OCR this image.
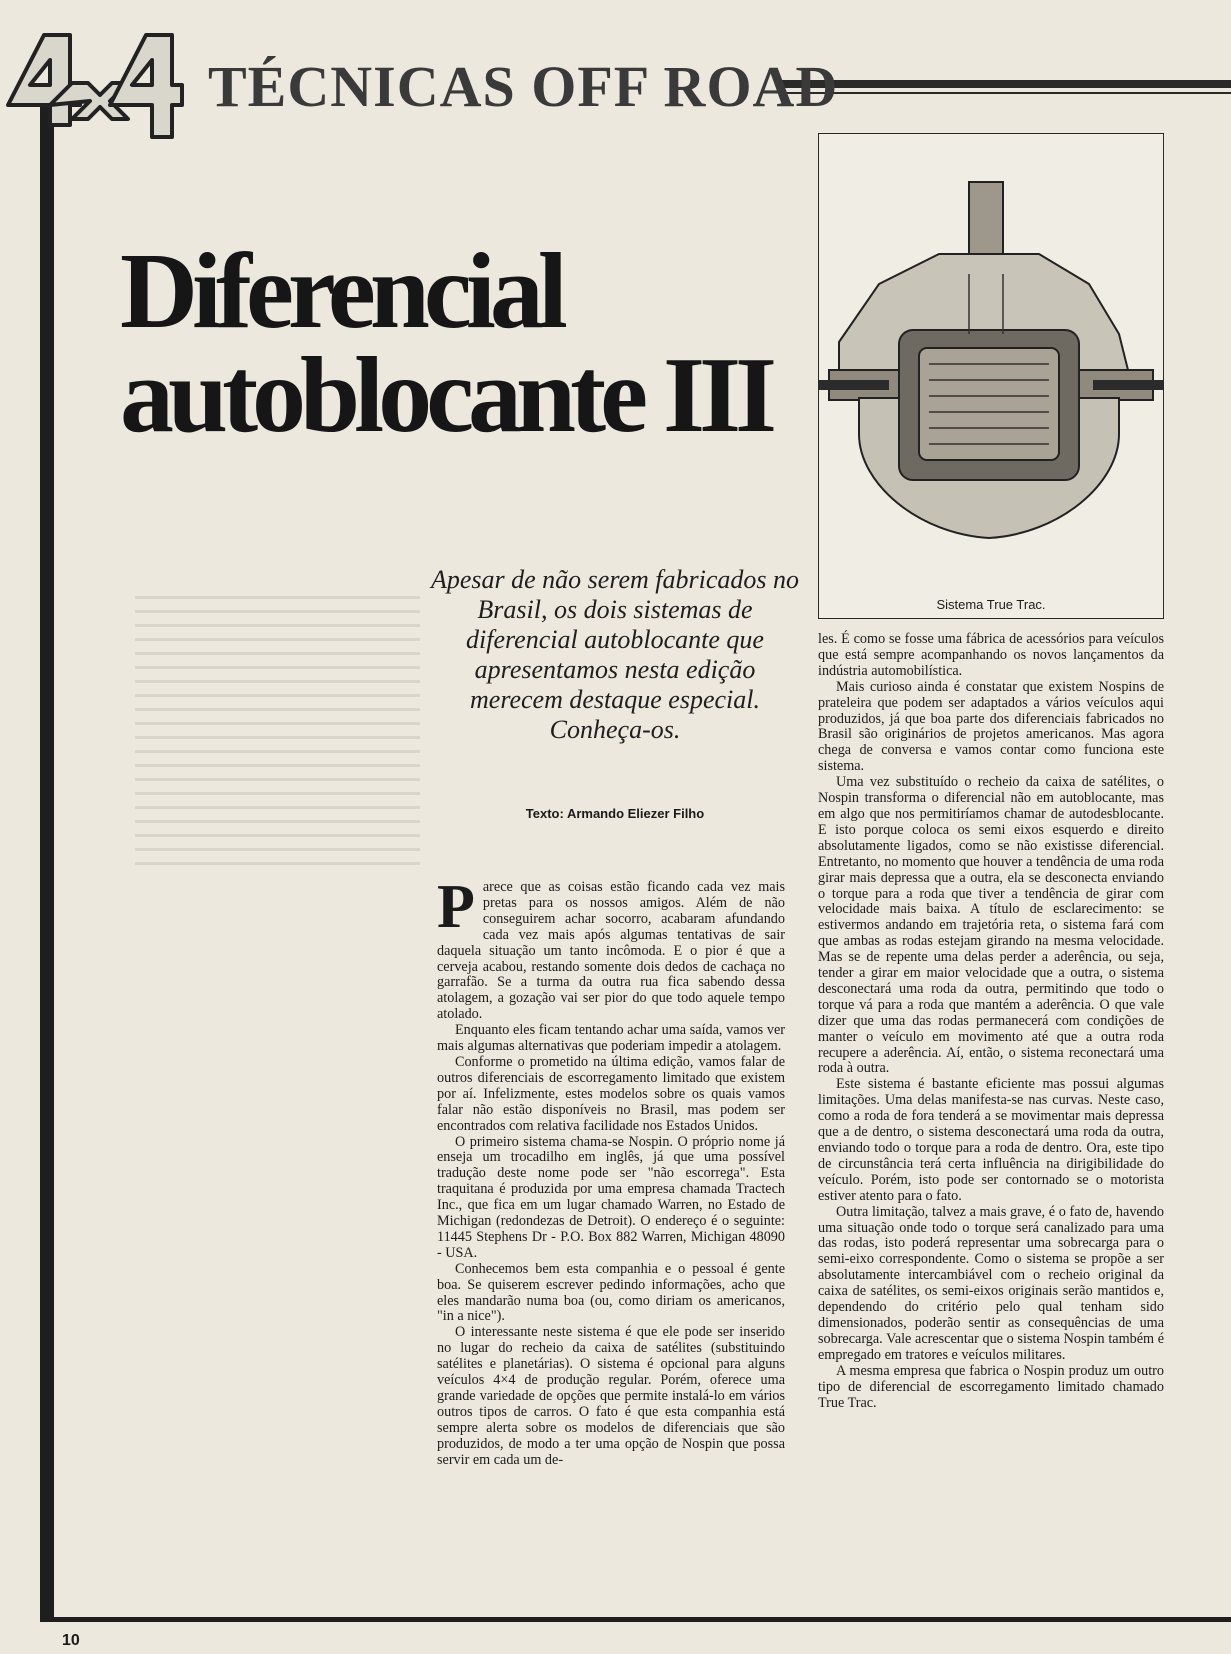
TÉCNICAS OFF ROAD
Diferencial
autoblocante III

Apesar de não serem fabricados no Brasil, os dois sistemas de diferencial autoblocante que apresentamos nesta edição merecem destaque especial. Conheça-os.

Texto: Armando Eliezer Filho
Sistema True Trac.

Parece que as coisas estão ficando cada vez mais pretas para os nossos amigos. Além de não conseguirem achar socorro, acabaram afundando cada vez mais após algumas tentativas de sair daquela situação um tanto incômoda. E o pior é que a cerveja acabou, restando somente dois dedos de cachaça no garrafão. Se a turma da outra rua fica sabendo dessa atolagem, a gozação vai ser pior do que todo aquele tempo atolado.

Enquanto eles ficam tentando achar uma saída, vamos ver mais algumas alternativas que poderiam impedir a atolagem.

Conforme o prometido na última edição, vamos falar de outros diferenciais de escorregamento limitado que existem por aí. Infelizmente, estes modelos sobre os quais vamos falar não estão disponíveis no Brasil, mas podem ser encontrados com relativa facilidade nos Estados Unidos.

O primeiro sistema chama-se Nospin. O próprio nome já enseja um trocadilho em inglês, já que uma possível tradução deste nome pode ser "não escorrega". Esta traquitana é produzida por uma empresa chamada Tractech Inc., que fica em um lugar chamado Warren, no Estado de Michigan (redondezas de Detroit). O endereço é o seguinte: 11445 Stephens Dr - P.O. Box 882 Warren, Michigan 48090 - USA.

Conhecemos bem esta companhia e o pessoal é gente boa. Se quiserem escrever pedindo informações, acho que eles mandarão numa boa (ou, como diriam os americanos, "in a nice").

O interessante neste sistema é que ele pode ser inserido no lugar do recheio da caixa de satélites (substituindo satélites e planetárias). O sistema é opcional para alguns veículos 4×4 de produção regular. Porém, oferece uma grande variedade de opções que permite instalá-lo em vários outros tipos de carros. O fato é que esta companhia está sempre alerta sobre os modelos de diferenciais que são produzidos, de modo a ter uma opção de Nospin que possa servir em cada um de-

les. É como se fosse uma fábrica de acessórios para veículos que está sempre acompanhando os novos lançamentos da indústria automobilística.

Mais curioso ainda é constatar que existem Nospins de prateleira que podem ser adaptados a vários veículos aqui produzidos, já que boa parte dos diferenciais fabricados no Brasil são originários de projetos americanos. Mas agora chega de conversa e vamos contar como funciona este sistema.

Uma vez substituído o recheio da caixa de satélites, o Nospin transforma o diferencial não em autoblocante, mas em algo que nos permitiríamos chamar de autodesblocante. E isto porque coloca os semi eixos esquerdo e direito absolutamente ligados, como se não existisse diferencial. Entretanto, no momento que houver a tendência de uma roda girar mais depressa que a outra, ela se desconecta enviando o torque para a roda que tiver a tendência de girar com velocidade mais baixa. A título de esclarecimento: se estivermos andando em trajetória reta, o sistema fará com que ambas as rodas estejam girando na mesma velocidade. Mas se de repente uma delas perder a aderência, ou seja, tender a girar em maior velocidade que a outra, o sistema desconectará uma roda da outra, permitindo que todo o torque vá para a roda que mantém a aderência. O que vale dizer que uma das rodas permanecerá com condições de manter o veículo em movimento até que a outra roda recupere a aderência. Aí, então, o sistema reconectará uma roda à outra.

Este sistema é bastante eficiente mas possui algumas limitações. Uma delas manifesta-se nas curvas. Neste caso, como a roda de fora tenderá a se movimentar mais depressa que a de dentro, o sistema desconectará uma roda da outra, enviando todo o torque para a roda de dentro. Ora, este tipo de circunstância terá certa influência na dirigibilidade do veículo. Porém, isto pode ser contornado se o motorista estiver atento para o fato.

Outra limitação, talvez a mais grave, é o fato de, havendo uma situação onde todo o torque será canalizado para uma das rodas, isto poderá representar uma sobrecarga para o semi-eixo correspondente. Como o sistema se propõe a ser absolutamente intercambiável com o recheio original da caixa de satélites, os semi-eixos originais serão mantidos e, dependendo do critério pelo qual tenham sido dimensionados, poderão sentir as consequências de uma sobrecarga. Vale acrescentar que o sistema Nospin também é empregado em tratores e veículos militares.

A mesma empresa que fabrica o Nospin produz um outro tipo de diferencial de escorregamento limitado chamado True Trac.

10
